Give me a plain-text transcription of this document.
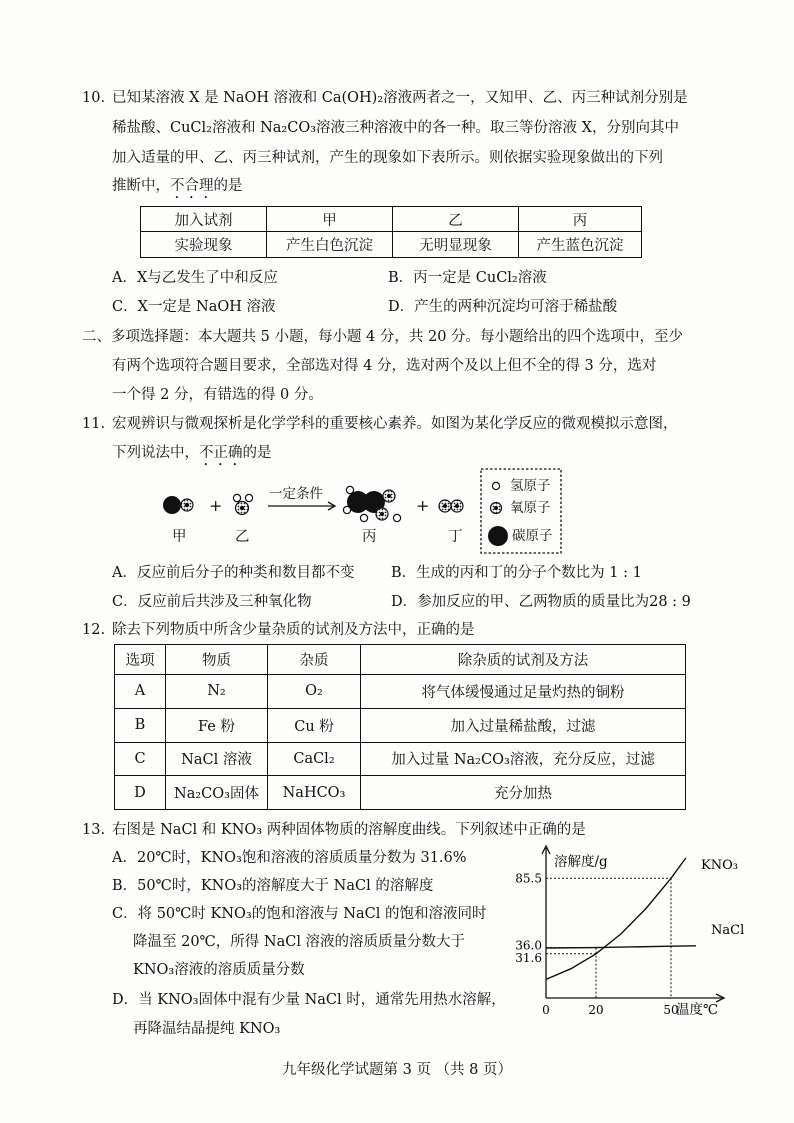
10. 已知某溶液 X 是 NaOH 溶液和 Ca(OH)₂溶液两者之一，又知甲、乙、丙三种试剂分别是
稀盐酸、CuCl₂溶液和 Na₂CO₃溶液三种溶液中的各一种。取三等份溶液 X，分别向其中
加入适量的甲、乙、丙三种试剂，产生的现象如下表所示。则依据实验现象做出的下列
推断中，不合理的是
加入试剂	甲	乙	丙
实验现象	产生白色沉淀	无明显现象	产生蓝色沉淀
A．X与乙发生了中和反应	B．丙一定是 CuCl₂溶液
C．X一定是 NaOH 溶液	D．产生的两种沉淀均可溶于稀盐酸
二、多项选择题：本大题共 5 小题，每小题 4 分，共 20 分。每小题给出的四个选项中，至少
有两个选项符合题目要求，全部选对得 4 分，选对两个及以上但不全的得 3 分，选对
一个得 2 分，有错选的得 0 分。
11. 宏观辨识与微观探析是化学学科的重要核心素养。如图为某化学反应的微观模拟示意图，
下列说法中，不正确的是
+	+
一定条件
甲	乙	丙	丁
氢原子
氧原子
碳原子
A．反应前后分子的种类和数目都不变	B．生成的丙和丁的分子个数比为 1 : 1
C．反应前后共涉及三种氧化物	D．参加反应的甲、乙两物质的质量比为28 : 9
12. 除去下列物质中所含少量杂质的试剂及方法中，正确的是
选项	物质	杂质	除杂质的试剂及方法
A	N₂	O₂	将气体缓慢通过足量灼热的铜粉
B	Fe 粉	Cu 粉	加入过量稀盐酸，过滤
C	NaCl 溶液	CaCl₂	加入过量 Na₂CO₃溶液，充分反应，过滤
D	Na₂CO₃固体	NaHCO₃	充分加热
13. 右图是 NaCl 和 KNO₃ 两种固体物质的溶解度曲线。下列叙述中正确的是
A．20℃时，KNO₃饱和溶液的溶质质量分数为 31.6%
B．50℃时，KNO₃的溶解度大于 NaCl 的溶解度
C．将 50℃时 KNO₃的饱和溶液与 NaCl 的饱和溶液同时
降温至 20℃，所得 NaCl 溶液的溶质质量分数大于
KNO₃溶液的溶质质量分数
D．当 KNO₃固体中混有少量 NaCl 时，通常先用热水溶解，
再降温结晶提纯 KNO₃
KNO₃
NaCl
85.5
36.0
31.6
0	20	50
溶解度/g
温度℃
九年级化学试题第 3 页 （共 8 页）
